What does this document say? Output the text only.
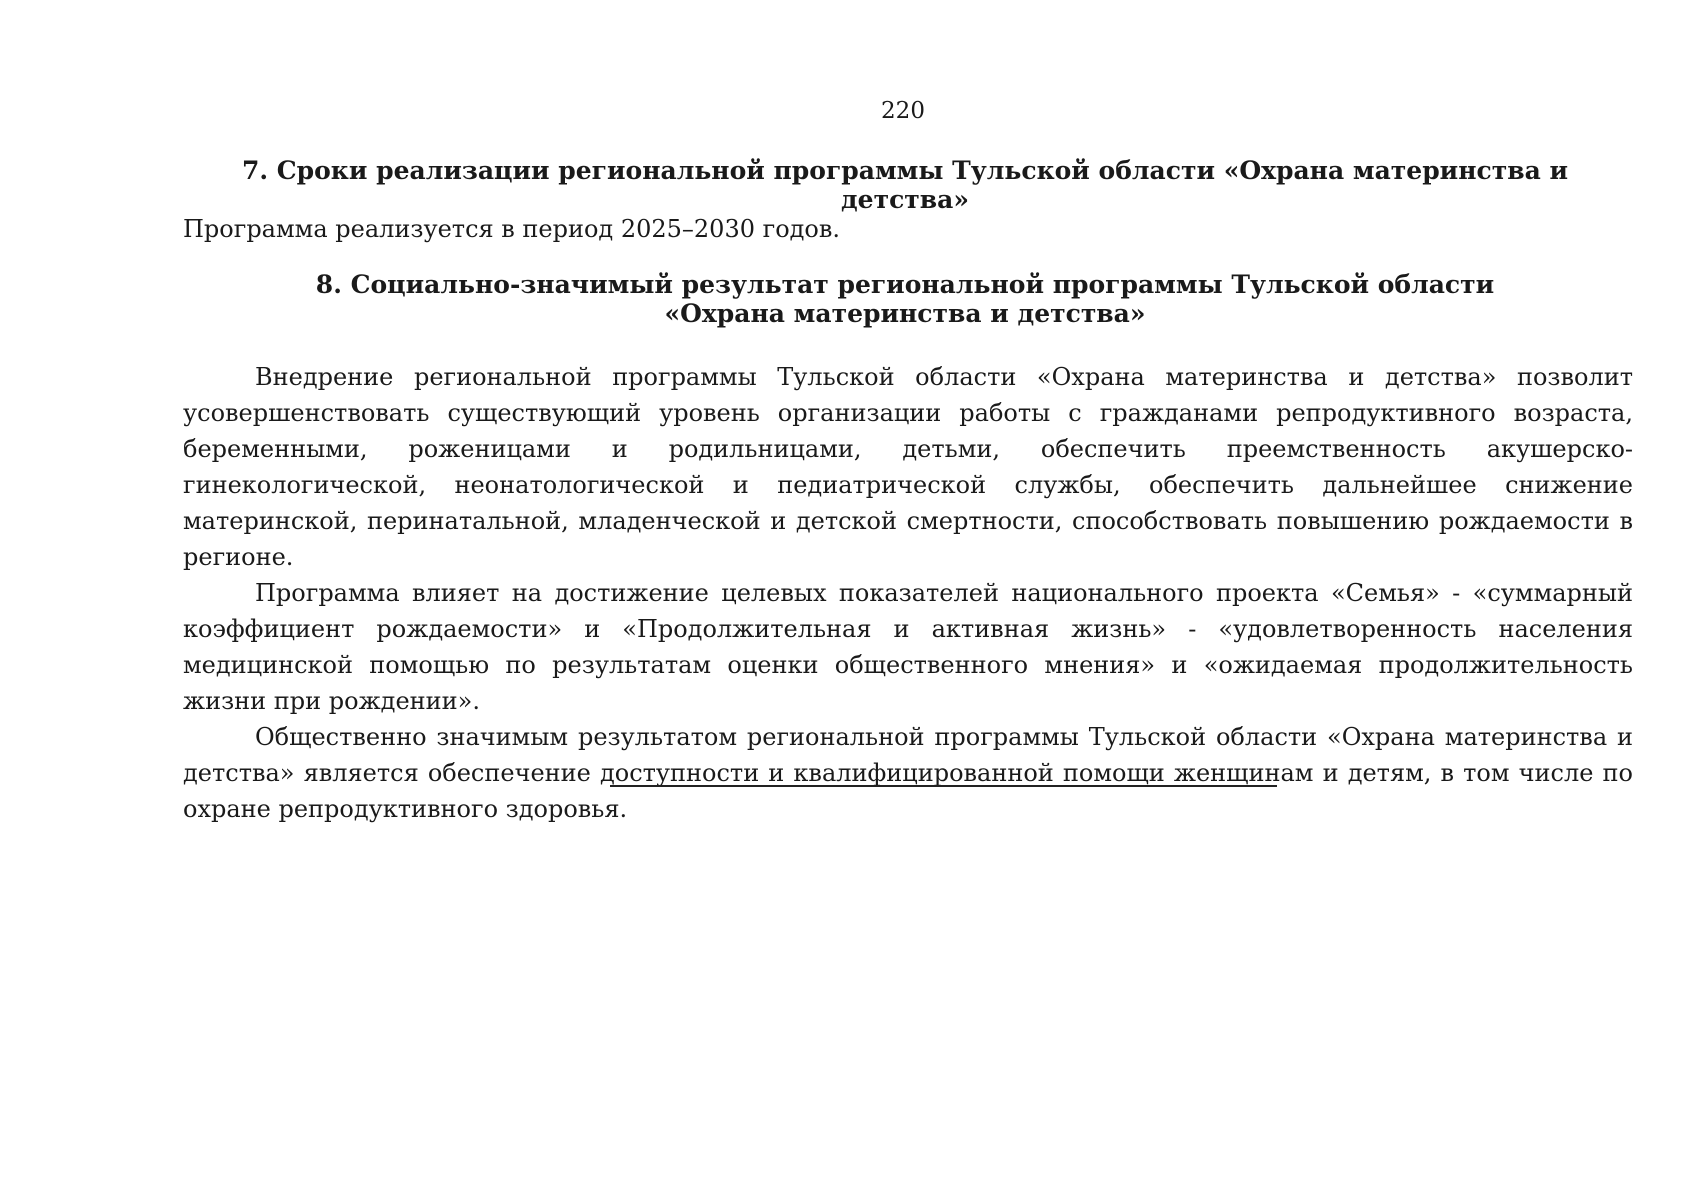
220
7. Сроки реализации региональной программы Тульской области «Охрана материнства и детства»
Программа реализуется в период 2025–2030 годов.
8. Социально-значимый результат региональной программы Тульской области
«Охрана материнства и детства»

Внедрение региональной программы Тульской области «Охрана материнства и детства» позволит усовершенствовать существующий уровень организации работы с гражданами репродуктивного возраста, беременными, роженицами и родильницами, детьми, обеспечить преемственность акушерско-гинекологической, неонатологической и педиатрической службы, обеспечить дальнейшее снижение материнской, перинатальной, младенческой и детской смертности, способствовать повышению рождаемости в регионе.

Программа влияет на достижение целевых показателей национального проекта «Семья» - «суммарный коэффициент рождаемости» и «Продолжительная и активная жизнь» - «удовлетворенность населения медицинской помощью по результатам оценки общественного мнения» и «ожидаемая продолжительность жизни при рождении».

Общественно значимым результатом региональной программы Тульской области «Охрана материнства и детства» является обеспечение доступности и квалифицированной помощи женщинам и детям, в том числе по охране репродуктивного здоровья.
